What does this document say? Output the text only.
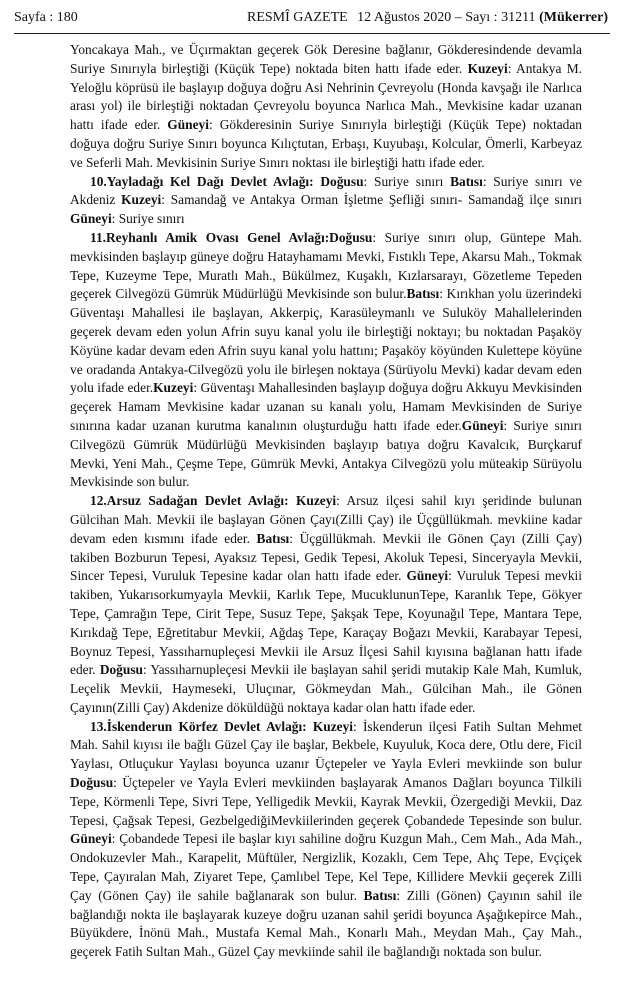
Sayfa : 180	RESMÎ GAZETE 12 Ağustos 2020 – Sayı : 31211 (Mükerrer)

Yoncakaya Mah., ve Üçırmaktan geçerek Gök Deresine bağlanır, Gökderesindende devamla Suriye Sınırıyla birleştiği (Küçük Tepe) noktada biten hattı ifade eder. Kuzeyi: Antakya M. Yeloğlu köprüsü ile başlayıp doğuya doğru Asi Nehrinin Çevreyolu (Honda kavşağı ile Narlıca arası yol) ile birleştiği noktadan Çevreyolu boyunca Narlıca Mah., Mevkisine kadar uzanan hattı ifade eder. Güneyi: Gökderesinin Suriye Sınırıyla birleştiği (Küçük Tepe) noktadan doğuya doğru Suriye Sınırı boyunca Kılıçtutan, Erbaşı, Kuyubaşı, Kolcular, Ömerli, Karbeyaz ve Seferli Mah. Mevkisinin Suriye Sınırı noktası ile birleştiği hattı ifade eder.

10.Yayladağı Kel Dağı Devlet Avlağı: Doğusu: Suriye sınırı Batısı: Suriye sınırı ve Akdeniz Kuzeyi: Samandağ ve Antakya Orman İşletme Şefliği sınırı- Samandağ ilçe sınırı Güneyi: Suriye sınırı

11.Reyhanlı Amik Ovası Genel Avlağı:Doğusu: Suriye sınırı olup, Güntepe Mah. mevkisinden başlayıp güneye doğru Hatayhamamı Mevki, Fıstıklı Tepe, Akarsu Mah., Tokmak Tepe, Kuzeyme Tepe, Muratlı Mah., Bükülmez, Kuşaklı, Kızlarsarayı, Gözetleme Tepeden geçerek Cilvegözü Gümrük Müdürlüğü Mevkisinde son bulur.Batısı: Kırıkhan yolu üzerindeki Güventaşı Mahallesi ile başlayan, Akkerpiç, Karasüleymanlı ve Suluköy Mahallelerinden geçerek devam eden yolun Afrin suyu kanal yolu ile birleştiği noktayı; bu noktadan Paşaköy Köyüne kadar devam eden Afrin suyu kanal yolu hattını; Paşaköy köyünden Kulettepe köyüne ve oradanda Antakya-Cilvegözü yolu ile birleşen noktaya (Sürüyolu Mevki) kadar devam eden yolu ifade eder.Kuzeyi: Güventaşı Mahallesinden başlayıp doğuya doğru Akkuyu Mevkisinden geçerek Hamam Mevkisine kadar uzanan su kanalı yolu, Hamam Mevkisinden de Suriye sınırına kadar uzanan kurutma kanalının oluşturduğu hattı ifade eder.Güneyi: Suriye sınırı Cilvegözü Gümrük Müdürlüğü Mevkisinden başlayıp batıya doğru Kavalcık, Burçkaruf Mevki, Yeni Mah., Çeşme Tepe, Gümrük Mevki, Antakya Cilvegözü yolu müteakip Sürüyolu Mevkisinde son bulur.

12.Arsuz Sadağan Devlet Avlağı: Kuzeyi: Arsuz ilçesi sahil kıyı şeridinde bulunan Gülcihan Mah. Mevkii ile başlayan Gönen Çayı(Zilli Çay) ile Üçgüllükmah. mevkiine kadar devam eden kısmını ifade eder. Batısı: Üçgüllükmah. Mevkii ile Gönen Çayı (Zilli Çay) takiben Bozburun Tepesi, Ayaksız Tepesi, Gedik Tepesi, Akoluk Tepesi, Sinceryayla Mevkii, Sincer Tepesi, Vuruluk Tepesine kadar olan hattı ifade eder. Güneyi: Vuruluk Tepesi mevkii takiben, Yukarısorkumyayla Mevkii, Karlık Tepe, MucuklununTepe, Karanlık Tepe, Gökyer Tepe, Çamrağın Tepe, Cirit Tepe, Susuz Tepe, Şakşak Tepe, Koyunağıl Tepe, Mantara Tepe, Kırıkdağ Tepe, Eğretitabur Mevkii, Ağdaş Tepe, Karaçay Boğazı Mevkii, Karabayar Tepesi, Boynuz Tepesi, Yassıharnupleçesi Mevkii ile Arsuz İlçesi Sahil kıyısına bağlanan hattı ifade eder. Doğusu: Yassıharnupleçesi Mevkii ile başlayan sahil şeridi mutakip Kale Mah, Kumluk, Leçelik Mevkii, Haymeseki, Uluçınar, Gökmeydan Mah., Gülcihan Mah., ile Gönen Çayının(Zilli Çay) Akdenize döküldüğü noktaya kadar olan hattı ifade eder.

13.İskenderun Körfez Devlet Avlağı: Kuzeyi: İskenderun ilçesi Fatih Sultan Mehmet Mah. Sahil kıyısı ile bağlı Güzel Çay ile başlar, Bekbele, Kuyuluk, Koca dere, Otlu dere, Ficil Yaylası, Otluçukur Yaylası boyunca uzanır Üçtepeler ve Yayla Evleri mevkiinde son bulur Doğusu: Üçtepeler ve Yayla Evleri mevkiinden başlayarak Amanos Dağları boyunca Tilkili Tepe, Körmenli Tepe, Sivri Tepe, Yelligedik Mevkii, Kayrak Mevkii, Özergediği Mevkii, Daz Tepesi, Çağsak Tepesi, GezbelgediğiMevkiilerinden geçerek Çobandede Tepesinde son bulur. Güneyi: Çobandede Tepesi ile başlar kıyı sahiline doğru Kuzgun Mah., Cem Mah., Ada Mah., Ondokuzevler Mah., Karapelit, Müftüler, Nergizlik, Kozaklı, Cem Tepe, Ahç Tepe, Evçiçek Tepe, Çayıralan Mah, Ziyaret Tepe, Çamlıbel Tepe, Kel Tepe, Killidere Mevkii geçerek Zilli Çay (Gönen Çay) ile sahile bağlanarak son bulur. Batısı: Zilli (Gönen) Çayının sahil ile bağlandığı nokta ile başlayarak kuzeye doğru uzanan sahil şeridi boyunca Aşağıkepirce Mah., Büyükdere, İnönü Mah., Mustafa Kemal Mah., Konarlı Mah., Meydan Mah., Çay Mah., geçerek Fatih Sultan Mah., Güzel Çay mevkiinde sahil ile bağlandığı noktada son bulur.
